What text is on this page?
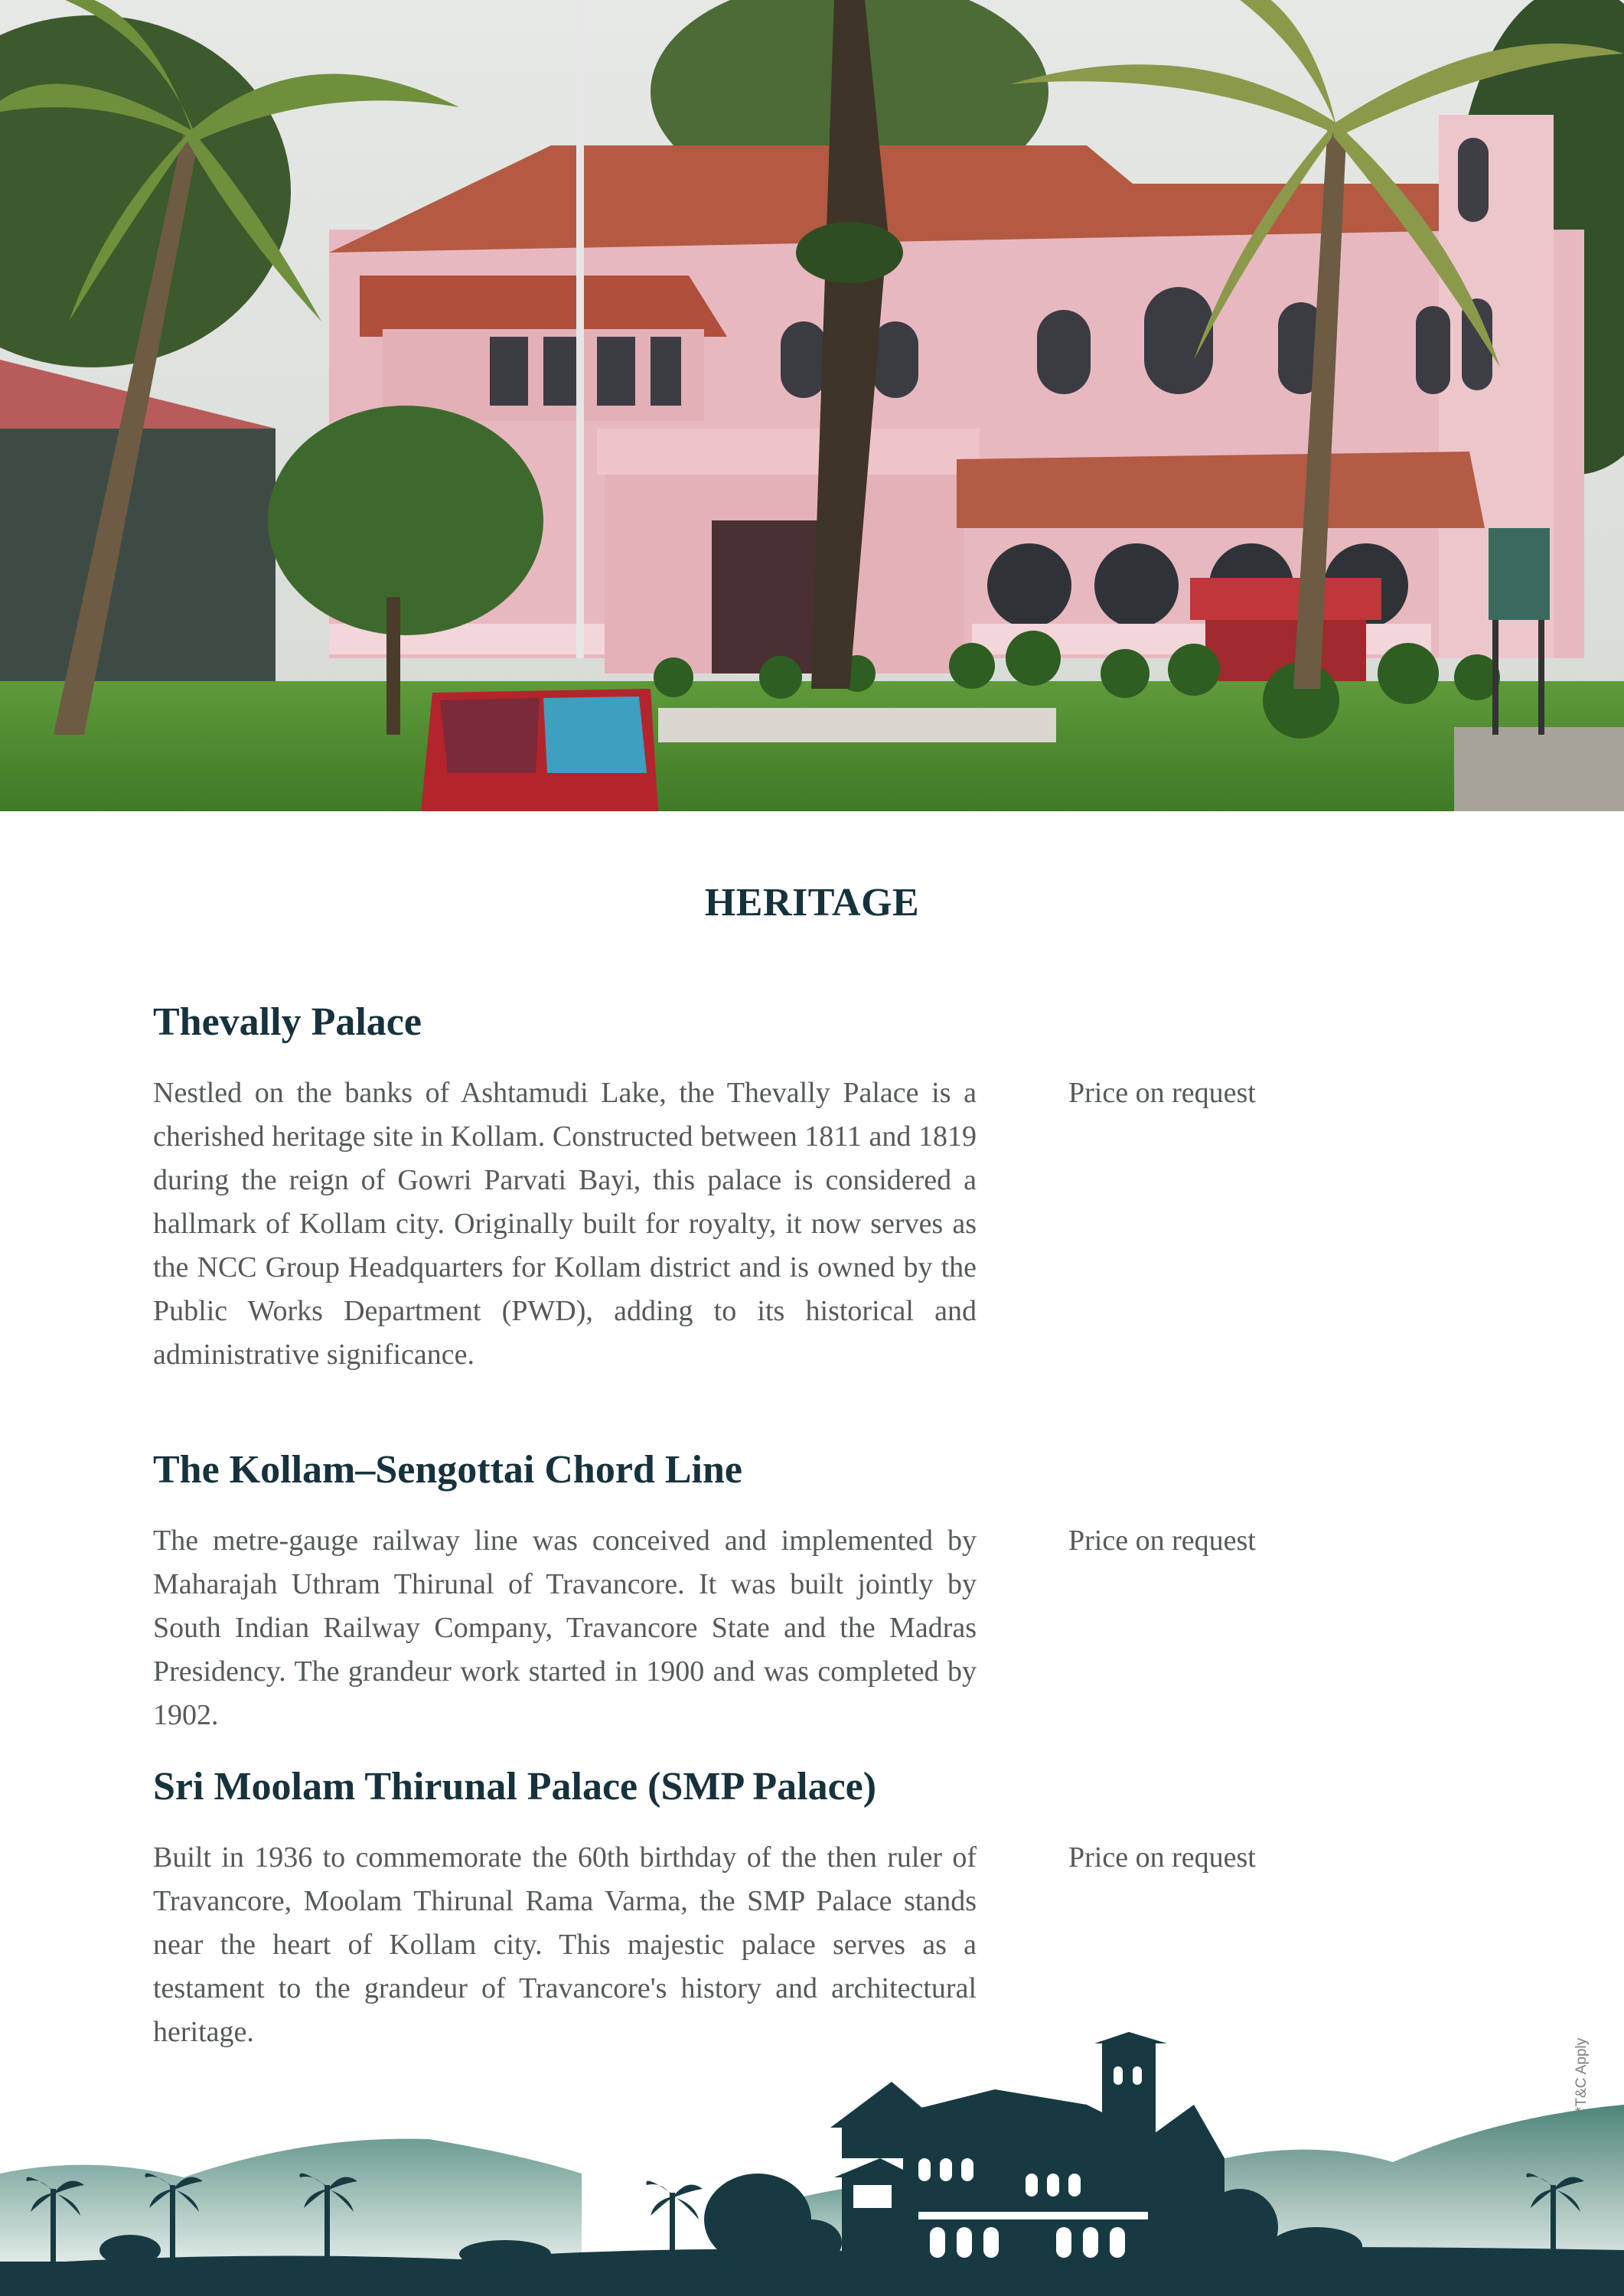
HERITAGE
Thevally Palace
Nestled on the banks of Ashtamudi Lake, the Thevally Palace is a cherished heritage site in Kollam. Constructed between 1811 and 1819 during the reign of Gowri Parvati Bayi, this palace is considered a hallmark of Kollam city. Originally built for royalty, it now serves as the NCC Group Headquarters for Kollam district and is owned by the Public Works Department (PWD), adding to its historical and administrative significance.
Price on request
The Kollam–Sengottai Chord Line
The metre-gauge railway line was conceived and implemented by Maharajah Uthram Thirunal of Travancore. It was built jointly by South Indian Railway Company, Travancore State and the Madras Presidency. The grandeur work started in 1900 and was completed by 1902.
Price on request
Sri Moolam Thirunal Palace (SMP Palace)
Built in 1936 to commemorate the 60th birthday of the then ruler of Travancore, Moolam Thirunal Rama Varma, the SMP Palace stands near the heart of Kollam city. This majestic palace serves as a testament to the grandeur of Travancore's history and architectural heritage.
Price on request
*T&C Apply
